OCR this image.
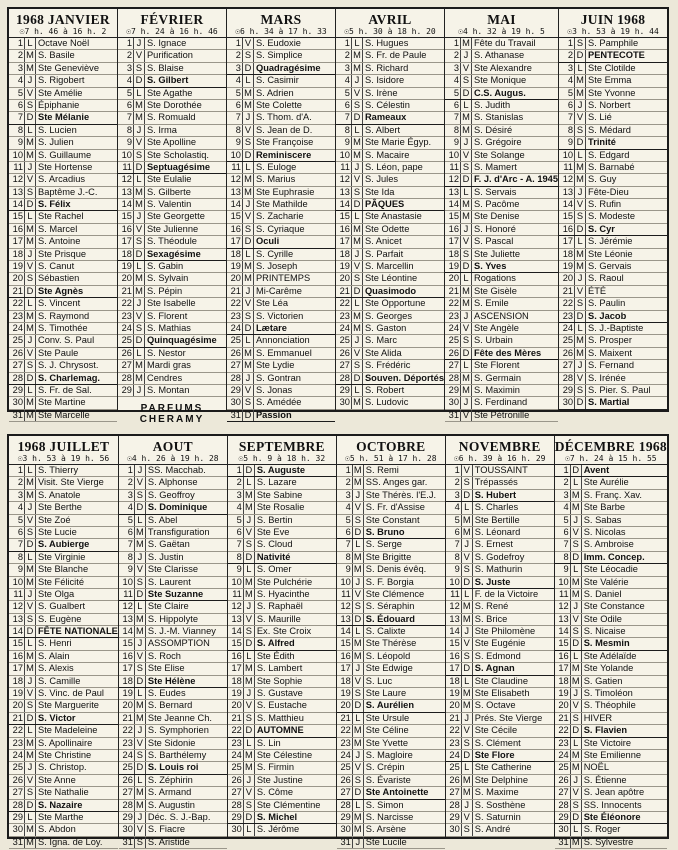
1968 JANVIER
☉7 h. 46 à 16 h. 2
1 L Octave Noël
2 M S. Basile
3 M Ste Geneviève
4 J S. Rigobert
5 V Ste Amélie
6 S Épiphanie
7 D Ste Mélanie
8 L S. Lucien
9 M S. Julien
10 M S. Guillaume
11 J Ste Hortense
12 V S. Arcadius
13 S Baptême J.-C.
14 D S. Félix
15 L Ste Rachel
16 M S. Marcel
17 M S. Antoine
18 J Ste Prisque
19 V S. Canut
20 S Sébastien
21 D Ste Agnès
22 L S. Vincent
23 M S. Raymond
24 M S. Timothée
25 J Conv. S. Paul
26 V Ste Paule
27 S S. J. Chrysost.
28 D S. Charlemag.
29 L S. Fr. de Sal.
30 M Ste Martine
31 M Ste Marcelle
FÉVRIER
☉7 h. 24 à 16 h. 46
1 J S. Ignace
2 V Purification
3 S S. Blaise
4 D S. Gilbert
5 L Ste Agathe
6 M Ste Dorothée
7 M S. Romuald
8 J S. Irma
9 V Ste Apolline
10 S Ste Scholastiq.
11 D Septuagésime
12 L Ste Eulalie
13 M S. Gilberte
14 M S. Valentin
15 J Ste Georgette
16 V Ste Julienne
17 S S. Théodule
18 D Sexagésime
19 L S. Gabin
20 M S. Sylvain
21 M S. Pépin
22 J Ste Isabelle
23 V S. Florent
24 S S. Mathias
25 D Quinquagésime
26 L S. Nestor
27 M Mardi gras
28 M Cendres
29 J S. Montan
PARFUMS
CHERAMY
MARS
☉6 h. 34 à 17 h. 33
1 V S. Eudoxie
2 S S. Simplice
3 D Quadragésime
4 L S. Casimir
5 M S. Adrien
6 M Ste Colette
7 J S. Thom. d'A.
8 V S. Jean de D.
9 S Ste Françoise
10 D Reminiscere
11 L S. Euloge
12 M S. Marius
13 M Ste Euphrasie
14 J Ste Mathilde
15 V S. Zacharie
16 S S. Cyriaque
17 D Oculi
18 L S. Cyrille
19 M S. Joseph
20 M PRINTEMPS
21 J Mi-Carême
22 V Ste Léa
23 S S. Victorien
24 D Lætare
25 L Annonciation
26 M S. Emmanuel
27 M Ste Lydie
28 J S. Gontran
29 V S. Jonas
30 S S. Amédée
31 D Passion
AVRIL
☉5 h. 30 à 18 h. 20
1 L S. Hugues
2 M S. Fr. de Paule
3 M S. Richard
4 J S. Isidore
5 V S. Irène
6 S S. Célestin
7 D Rameaux
8 L S. Albert
9 M Ste Marie Égyp.
10 M S. Macaire
11 J S. Léon, pape
12 V S. Jules
13 S Ste Ida
14 D PÂQUES
15 L Ste Anastasie
16 M Ste Odette
17 M S. Anicet
18 J S. Parfait
19 V S. Marcellin
20 S Ste Léontine
21 D Quasimodo
22 L Ste Opportune
23 M S. Georges
24 M S. Gaston
25 J S. Marc
26 V Ste Alida
27 S S. Frédéric
28 D Souven. Déportés
29 L S. Robert
30 M S. Ludovic
MAI
☉4 h. 32 à 19 h. 5
1 M Fête du Travail
2 J S. Athanase
3 V Ste Alexandre
4 S Ste Monique
5 D C.S. Augus.
6 L S. Judith
7 M S. Stanislas
8 M S. Désiré
9 J S. Grégoire
10 V Ste Solange
11 S S. Mamert
12 D F. J. d'Arc - A. 1945
13 L S. Servais
14 M S. Pacôme
15 M Ste Denise
16 J S. Honoré
17 V S. Pascal
18 S Ste Juliette
19 D S. Yves
20 L Rogations
21 M Ste Gisèle
22 M S. Emile
23 J ASCENSION
24 V Ste Angèle
25 S S. Urbain
26 D Fête des Mères
27 L Ste Florent
28 M S. Germain
29 M S. Maximin
30 J S. Ferdinand
31 V Ste Pétronille
JUIN 1968
☉3 h. 53 à 19 h. 44
1 S S. Pamphile
2 D PENTECOTE
3 L Ste Clotilde
4 M Ste Emma
5 M Ste Yvonne
6 J S. Norbert
7 V S. Lié
8 S S. Médard
9 D Trinité
10 L S. Edgard
11 M S. Barnabé
12 M S. Guy
13 J Fête-Dieu
14 V S. Rufin
15 S S. Modeste
16 D S. Cyr
17 L S. Jérémie
18 M Ste Léonie
19 M S. Gervais
20 J S. Raoul
21 V ÉTÉ
22 S S. Paulin
23 D S. Jacob
24 L S. J.-Baptiste
25 M S. Prosper
26 M S. Maixent
27 J S. Fernand
28 V S. Irénée
29 S S. Pier. S. Paul
30 D S. Martial
1968 JUILLET
☉3 h. 53 à 19 h. 56
1 L S. Thierry
2 M Visit. Ste Vierge
3 M S. Anatole
4 J Ste Berthe
5 V Ste Zoé
6 S Ste Lucie
7 D S. Aubierge
8 L Ste Virginie
9 M Ste Blanche
10 M Ste Félicité
11 J Ste Olga
12 V S. Gualbert
13 S S. Eugène
14 D FÊTE NATIONALE
15 L S. Henri
16 M S. Alain
17 M S. Alexis
18 J S. Camille
19 V S. Vinc. de Paul
20 S Ste Marguerite
21 D S. Victor
22 L Ste Madeleine
23 M S. Apollinaire
24 M Ste Christine
25 J S. Christop.
26 V Ste Anne
27 S Ste Nathalie
28 D S. Nazaire
29 L Ste Marthe
30 M S. Abdon
31 M S. Igna. de Loy.
AOUT
☉4 h. 26 à 19 h. 28
1 J SS. Macchab.
2 V S. Alphonse
3 S S. Geoffroy
4 D S. Dominique
5 L S. Abel
6 M Transfiguration
7 M S. Gaëtan
8 J S. Justin
9 V Ste Clarisse
10 S S. Laurent
11 D Ste Suzanne
12 L Ste Claire
13 M S. Hippolyte
14 M S. J.-M. Vianney
15 J ASSOMPTION
16 V S. Roch
17 S Ste Elise
18 D Ste Hélène
19 L S. Eudes
20 M S. Bernard
21 M Ste Jeanne Ch.
22 J S. Symphorien
23 V Ste Sidonie
24 S S. Barthélemy
25 D S. Louis roi
26 L S. Zéphirin
27 M S. Armand
28 M S. Augustin
29 J Déc. S. J.-Bap.
30 V S. Fiacre
31 S S. Aristide
SEPTEMBRE
☉5 h. 9 à 18 h. 32
1 D S. Auguste
2 L S. Lazare
3 M Ste Sabine
4 M Ste Rosalie
5 J S. Bertin
6 V Ste Eve
7 S S. Cloud
8 D Nativité
9 L S. Omer
10 M Ste Pulchérie
11 M S. Hyacinthe
12 J S. Raphaël
13 V S. Maurille
14 S Ex. Ste Croix
15 D S. Alfred
16 L Ste Édith
17 M S. Lambert
18 M Ste Sophie
19 J S. Gustave
20 V S. Eustache
21 S S. Matthieu
22 D AUTOMNE
23 L S. Lin
24 M Ste Célestine
25 M S. Firmin
26 J Ste Justine
27 V S. Côme
28 S Ste Clémentine
29 D S. Michel
30 L S. Jérôme
OCTOBRE
☉5 h. 51 à 17 h. 28
1 M S. Remi
2 M SS. Anges gar.
3 J Ste Thérès. l'E.J.
4 V S. Fr. d'Assise
5 S Ste Constant
6 D S. Bruno
7 L S. Serge
8 M Ste Brigitte
9 M S. Denis évêq.
10 J S. F. Borgia
11 V Ste Clémence
12 S S. Séraphin
13 D S. Édouard
14 L S. Calixte
15 M Ste Thérèse
16 M S. Léopold
17 J Ste Edwige
18 V S. Luc
19 S Ste Laure
20 D S. Aurélien
21 L Ste Ursule
22 M Ste Céline
23 M Ste Yvette
24 J S. Magloire
25 V S. Crépin
26 S S. Évariste
27 D Ste Antoinette
28 L S. Simon
29 M S. Narcisse
30 M S. Arsène
31 J Ste Lucile
NOVEMBRE
☉6 h. 39 à 16 h. 29
1 V TOUSSAINT
2 S Trépassés
3 D S. Hubert
4 L S. Charles
5 M Ste Bertille
6 M S. Léonard
7 J S. Ernest
8 V S. Godefroy
9 S S. Mathurin
10 D S. Juste
11 L F. de la Victoire
12 M S. René
13 M S. Brice
14 J Ste Philomène
15 V Ste Eugénie
16 S S. Edmond
17 D S. Agnan
18 L Ste Claudine
19 M Ste Elisabeth
20 M S. Octave
21 J Prés. Ste Vierge
22 V Ste Cécile
23 S S. Clément
24 D Ste Flore
25 L Ste Catherine
26 M Ste Delphine
27 M S. Maxime
28 J S. Sosthène
29 V S. Saturnin
30 S S. André
DÉCEMBRE 1968
☉7 h. 24 à 15 h. 55
1 D Avent
2 L Ste Aurélie
3 M S. Franç. Xav.
4 M Ste Barbe
5 J S. Sabas
6 V S. Nicolas
7 S S. Ambroise
8 D Imm. Concep.
9 L Ste Léocadie
10 M Ste Valérie
11 M S. Daniel
12 J Ste Constance
13 V Ste Odile
14 S S. Nicaise
15 D S. Mesmin
16 L Ste Adélaïde
17 M Ste Yolande
18 M S. Gatien
19 J S. Timoléon
20 V S. Théophile
21 S HIVER
22 D S. Flavien
23 L Ste Victoire
24 M Ste Emilienne
25 M NOËL
26 J S. Étienne
27 V S. Jean apôtre
28 S SS. Innocents
29 D Ste Éléonore
30 L S. Roger
31 M S. Sylvestre
